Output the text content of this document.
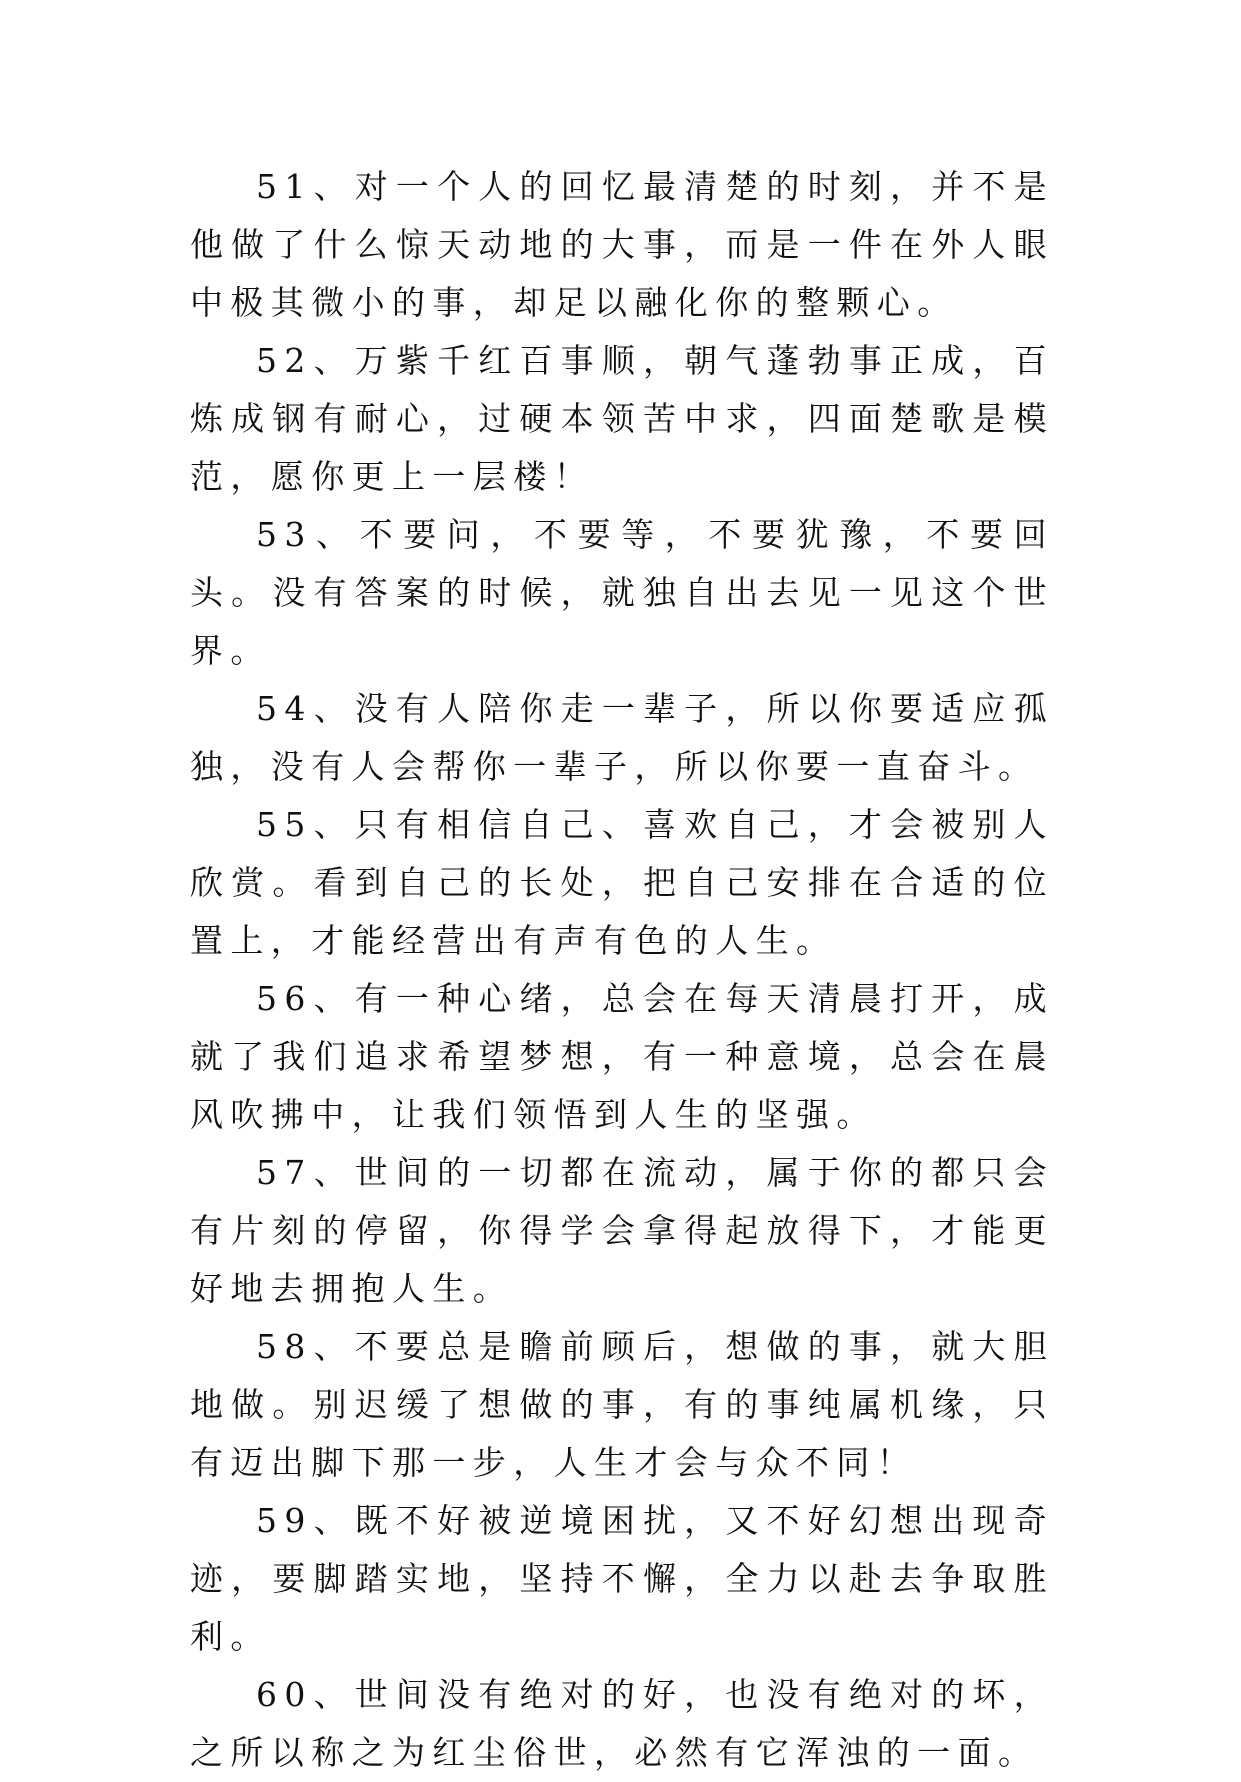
51、对一个人的回忆最清楚的时刻，并不是他做了什么惊天动地的大事，而是一件在外人眼中极其微小的事，却足以融化你的整颗心。

52、万紫千红百事顺，朝气蓬勃事正成，百炼成钢有耐心，过硬本领苦中求，四面楚歌是模范，愿你更上一层楼！

53、不要问，不要等，不要犹豫，不要回头。没有答案的时候，就独自出去见一见这个世界。

54、没有人陪你走一辈子，所以你要适应孤独，没有人会帮你一辈子，所以你要一直奋斗。

55、只有相信自己、喜欢自己，才会被别人欣赏。看到自己的长处，把自己安排在合适的位置上，才能经营出有声有色的人生。

56、有一种心绪，总会在每天清晨打开，成就了我们追求希望梦想，有一种意境，总会在晨风吹拂中，让我们领悟到人生的坚强。

57、世间的一切都在流动，属于你的都只会有片刻的停留，你得学会拿得起放得下，才能更好地去拥抱人生。

58、不要总是瞻前顾后，想做的事，就大胆地做。别迟缓了想做的事，有的事纯属机缘，只有迈出脚下那一步，人生才会与众不同！

59、既不好被逆境困扰，又不好幻想出现奇迹，要脚踏实地，坚持不懈，全力以赴去争取胜利。

60、世间没有绝对的好，也没有绝对的坏，之所以称之为红尘俗世，必然有它浑浊的一面。
